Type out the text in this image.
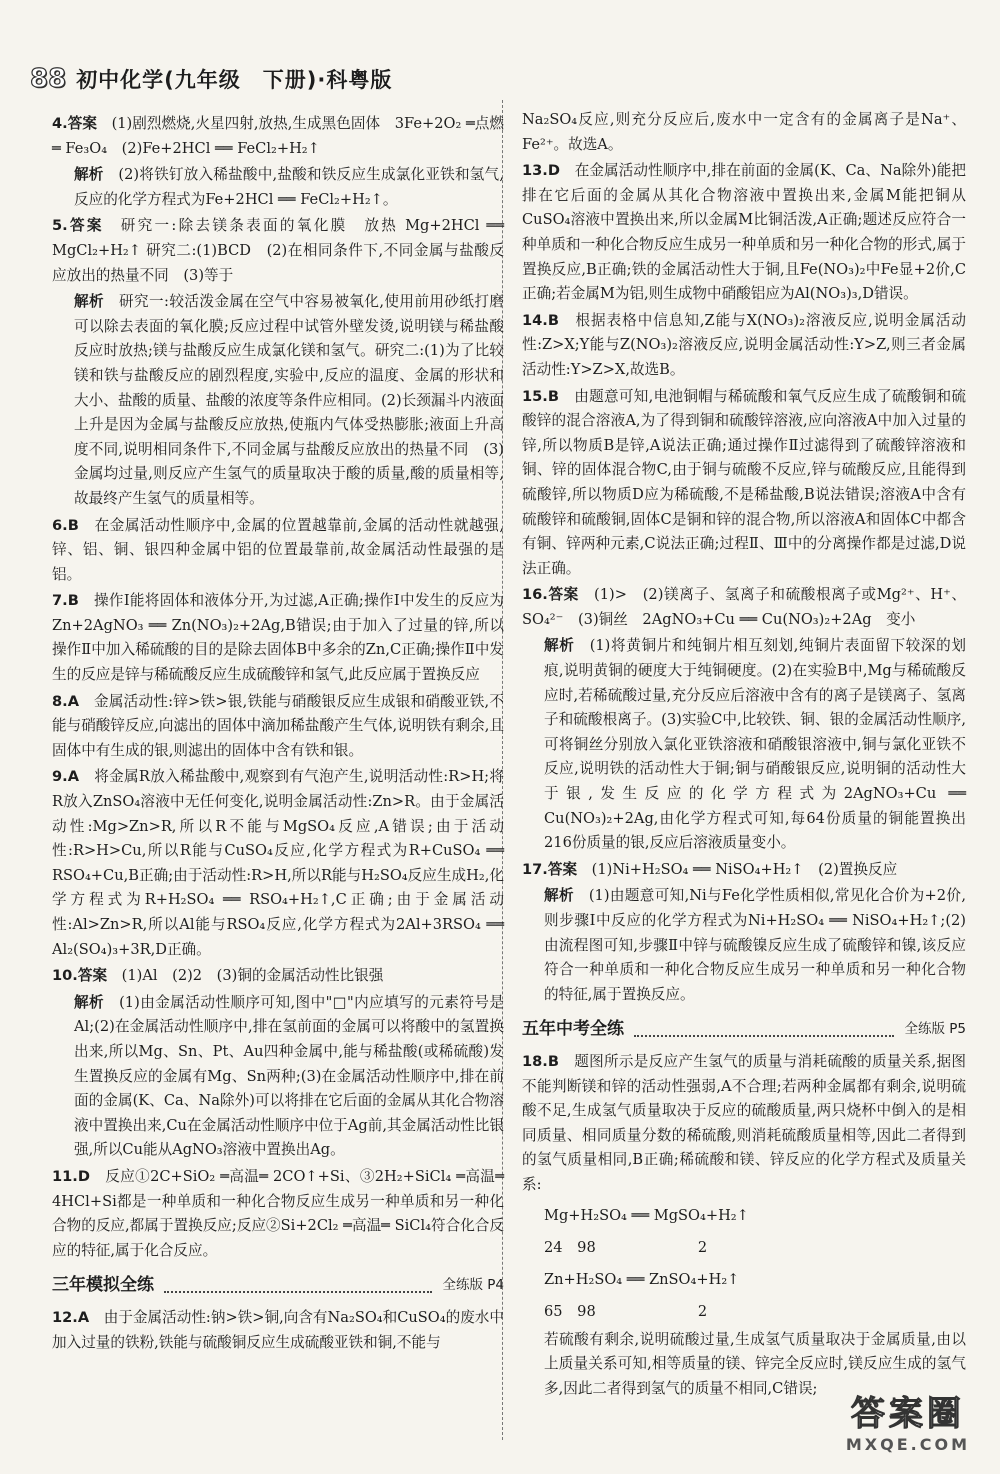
88 初中化学(九年级　下册)·科粤版
4.答案　 (1)剧烈燃烧,火星四射,放热,生成黑色固体　3Fe+2O₂ ═点燃═ Fe₃O₄　(2)Fe+2HCl ══ FeCl₂+H₂↑
解析　 (2)将铁钉放入稀盐酸中,盐酸和铁反应生成氯化亚铁和氢气,反应的化学方程式为Fe+2HCl ══ FeCl₂+H₂↑。
5.答案　 研究一:除去镁条表面的氧化膜　放热 Mg+2HCl ══ MgCl₂+H₂↑ 研究二:(1)BCD　(2)在相同条件下,不同金属与盐酸反应放出的热量不同　(3)等于
解析　 研究一:较活泼金属在空气中容易被氧化,使用前用砂纸打磨可以除去表面的氧化膜;反应过程中试管外壁发烫,说明镁与稀盐酸反应时放热;镁与盐酸反应生成氯化镁和氢气。研究二:(1)为了比较镁和铁与盐酸反应的剧烈程度,实验中,反应的温度、金属的形状和大小、盐酸的质量、盐酸的浓度等条件应相同。(2)长颈漏斗内液面上升是因为金属与盐酸反应放热,使瓶内气体受热膨胀;液面上升高度不同,说明相同条件下,不同金属与盐酸反应放出的热量不同　(3)金属均过量,则反应产生氢气的质量取决于酸的质量,酸的质量相等,故最终产生氢气的质量相等。
6.B　 在金属活动性顺序中,金属的位置越靠前,金属的活动性就越强,锌、铝、铜、银四种金属中铝的位置最靠前,故金属活动性最强的是铝。
7.B　 操作Ⅰ能将固体和液体分开,为过滤,A正确;操作Ⅰ中发生的反应为Zn+2AgNO₃ ══ Zn(NO₃)₂+2Ag,B错误;由于加入了过量的锌,所以操作Ⅱ中加入稀硫酸的目的是除去固体B中多余的Zn,C正确;操作Ⅱ中发生的反应是锌与稀硫酸反应生成硫酸锌和氢气,此反应属于置换反应
8.A　 金属活动性:锌>铁>银,铁能与硝酸银反应生成银和硝酸亚铁,不能与硝酸锌反应,向滤出的固体中滴加稀盐酸产生气体,说明铁有剩余,且固体中有生成的银,则滤出的固体中含有铁和银。
9.A　 将金属R放入稀盐酸中,观察到有气泡产生,说明活动性:R>H;将R放入ZnSO₄溶液中无任何变化,说明金属活动性:Zn>R。由于金属活动性:Mg>Zn>R,所以R不能与MgSO₄反应,A错误;由于活动性:R>H>Cu,所以R能与CuSO₄反应,化学方程式为R+CuSO₄ ══ RSO₄+Cu,B正确;由于活动性:R>H,所以R能与H₂SO₄反应生成H₂,化学方程式为R+H₂SO₄ ══ RSO₄+H₂↑,C正确;由于金属活动性:Al>Zn>R,所以Al能与RSO₄反应,化学方程式为2Al+3RSO₄ ══ Al₂(SO₄)₃+3R,D正确。
10.答案　 (1)Al　(2)2　(3)铜的金属活动性比银强
解析　 (1)由金属活动性顺序可知,图中"□"内应填写的元素符号是Al;(2)在金属活动性顺序中,排在氢前面的金属可以将酸中的氢置换出来,所以Mg、Sn、Pt、Au四种金属中,能与稀盐酸(或稀硫酸)发生置换反应的金属有Mg、Sn两种;(3)在金属活动性顺序中,排在前面的金属(K、Ca、Na除外)可以将排在它后面的金属从其化合物溶液中置换出来,Cu在金属活动性顺序中位于Ag前,其金属活动性比银强,所以Cu能从AgNO₃溶液中置换出Ag。
11.D　 反应①2C+SiO₂ ═高温═ 2CO↑+Si、③2H₂+SiCl₄ ═高温═ 4HCl+Si都是一种单质和一种化合物反应生成另一种单质和另一种化合物的反应,都属于置换反应;反应②Si+2Cl₂ ═高温═ SiCl₄符合化合反应的特征,属于化合反应。
三年模拟全练	全练版 P4
12.A　 由于金属活动性:钠>铁>铜,向含有Na₂SO₄和CuSO₄的废水中加入过量的铁粉,铁能与硫酸铜反应生成硫酸亚铁和铜,不能与
Na₂SO₄反应,则充分反应后,废水中一定含有的金属离子是Na⁺、Fe²⁺。故选A。
13.D　 在金属活动性顺序中,排在前面的金属(K、Ca、Na除外)能把排在它后面的金属从其化合物溶液中置换出来,金属M能把铜从CuSO₄溶液中置换出来,所以金属M比铜活泼,A正确;题述反应符合一种单质和一种化合物反应生成另一种单质和另一种化合物的形式,属于置换反应,B正确;铁的金属活动性大于铜,且Fe(NO₃)₂中Fe显+2价,C正确;若金属M为铝,则生成物中硝酸铝应为Al(NO₃)₃,D错误。
14.B　 根据表格中信息知,Z能与X(NO₃)₂溶液反应,说明金属活动性:Z>X;Y能与Z(NO₃)₂溶液反应,说明金属活动性:Y>Z,则三者金属活动性:Y>Z>X,故选B。
15.B　 由题意可知,电池铜帽与稀硫酸和氧气反应生成了硫酸铜和硫酸锌的混合溶液A,为了得到铜和硫酸锌溶液,应向溶液A中加入过量的锌,所以物质B是锌,A说法正确;通过操作Ⅱ过滤得到了硫酸锌溶液和铜、锌的固体混合物C,由于铜与硫酸不反应,锌与硫酸反应,且能得到硫酸锌,所以物质D应为稀硫酸,不是稀盐酸,B说法错误;溶液A中含有硫酸锌和硫酸铜,固体C是铜和锌的混合物,所以溶液A和固体C中都含有铜、锌两种元素,C说法正确;过程Ⅱ、Ⅲ中的分离操作都是过滤,D说法正确。
16.答案　 (1)>　(2)镁离子、氢离子和硫酸根离子或Mg²⁺、H⁺、SO₄²⁻　(3)铜丝　2AgNO₃+Cu ══ Cu(NO₃)₂+2Ag　变小
解析　 (1)将黄铜片和纯铜片相互刻划,纯铜片表面留下较深的划痕,说明黄铜的硬度大于纯铜硬度。(2)在实验B中,Mg与稀硫酸反应时,若稀硫酸过量,充分反应后溶液中含有的离子是镁离子、氢离子和硫酸根离子。(3)实验C中,比较铁、铜、银的金属活动性顺序,可将铜丝分别放入氯化亚铁溶液和硝酸银溶液中,铜与氯化亚铁不反应,说明铁的活动性大于铜;铜与硝酸银反应,说明铜的活动性大于银,发生反应的化学方程式为2AgNO₃+Cu ══ Cu(NO₃)₂+2Ag,由化学方程式可知,每64份质量的铜能置换出216份质量的银,反应后溶液质量变小。
17.答案　 (1)Ni+H₂SO₄ ══ NiSO₄+H₂↑　(2)置换反应
解析　 (1)由题意可知,Ni与Fe化学性质相似,常见化合价为+2价,则步骤Ⅰ中反应的化学方程式为Ni+H₂SO₄ ══ NiSO₄+H₂↑;(2)由流程图可知,步骤Ⅱ中锌与硫酸镍反应生成了硫酸锌和镍,该反应符合一种单质和一种化合物反应生成另一种单质和另一种化合物的特征,属于置换反应。
五年中考全练	全练版 P5
18.B　 题图所示是反应产生氢气的质量与消耗硫酸的质量关系,据图不能判断镁和锌的活动性强弱,A不合理;若两种金属都有剩余,说明硫酸不足,生成氢气质量取决于反应的硫酸质量,两只烧杯中倒入的是相同质量、相同质量分数的稀硫酸,则消耗硫酸质量相等,因此二者得到的氢气质量相同,B正确;稀硫酸和镁、锌反应的化学方程式及质量关系:
Mg+H₂SO₄ ══ MgSO₄+H₂↑
24　98　　　　　　　2
Zn+H₂SO₄ ══ ZnSO₄+H₂↑
65　98　　　　　　　2
若硫酸有剩余,说明硫酸过量,生成氢气质量取决于金属质量,由以上质量关系可知,相等质量的镁、锌完全反应时,镁反应生成的氢气多,因此二者得到氢气的质量不相同,C错误;
答案圈
MXQE.COM
